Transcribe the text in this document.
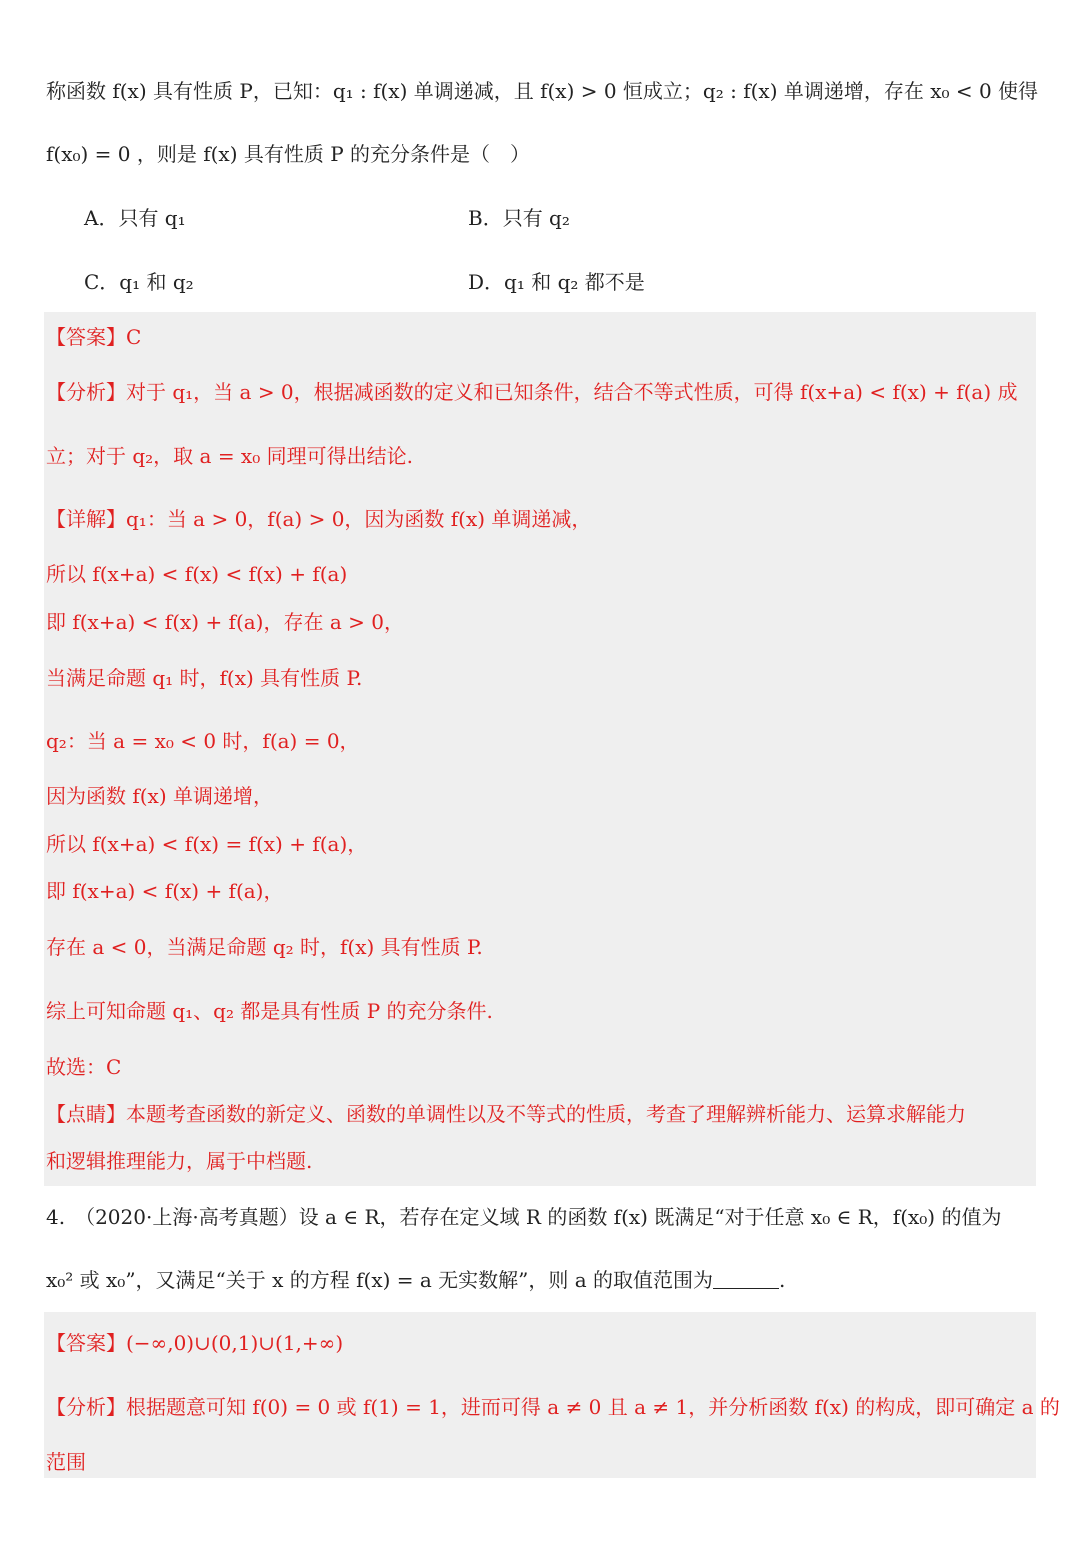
称函数 f(x) 具有性质 P，已知：q₁ : f(x) 单调递减，且 f(x) > 0 恒成立；q₂ : f(x) 单调递增，存在 x₀ < 0 使得
f(x₀) = 0 ，则是 f(x) 具有性质 P 的充分条件是（　）
A．只有 q₁	B．只有 q₂
C．q₁ 和 q₂	D．q₁ 和 q₂ 都不是
【答案】C
【分析】对于 q₁，当 a > 0，根据减函数的定义和已知条件，结合不等式性质，可得 f(x+a) < f(x) + f(a) 成
立；对于 q₂，取 a = x₀ 同理可得出结论.
【详解】q₁：当 a > 0，f(a) > 0，因为函数 f(x) 单调递减，
所以 f(x+a) < f(x) < f(x) + f(a)
即 f(x+a) < f(x) + f(a)，存在 a > 0，
当满足命题 q₁ 时，f(x) 具有性质 P.
q₂：当 a = x₀ < 0 时，f(a) = 0，
因为函数 f(x) 单调递增，
所以 f(x+a) < f(x) = f(x) + f(a)，
即 f(x+a) < f(x) + f(a)，
存在 a < 0，当满足命题 q₂ 时，f(x) 具有性质 P.
综上可知命题 q₁、q₂ 都是具有性质 P 的充分条件.
故选：C
【点睛】本题考查函数的新定义、函数的单调性以及不等式的性质，考查了理解辨析能力、运算求解能力
和逻辑推理能力，属于中档题.
4.　（2020·上海·高考真题）设 a ∈ R，若存在定义域 R 的函数 f(x) 既满足“对于任意 x₀ ∈ R，f(x₀) 的值为
x₀² 或 x₀”，又满足“关于 x 的方程 f(x) = a 无实数解”，则 a 的取值范围为	.
【答案】(−∞,0)∪(0,1)∪(1,+∞)
【分析】根据题意可知 f(0) = 0 或 f(1) = 1，进而可得 a ≠ 0 且 a ≠ 1，并分析函数 f(x) 的构成，即可确定 a 的
范围
